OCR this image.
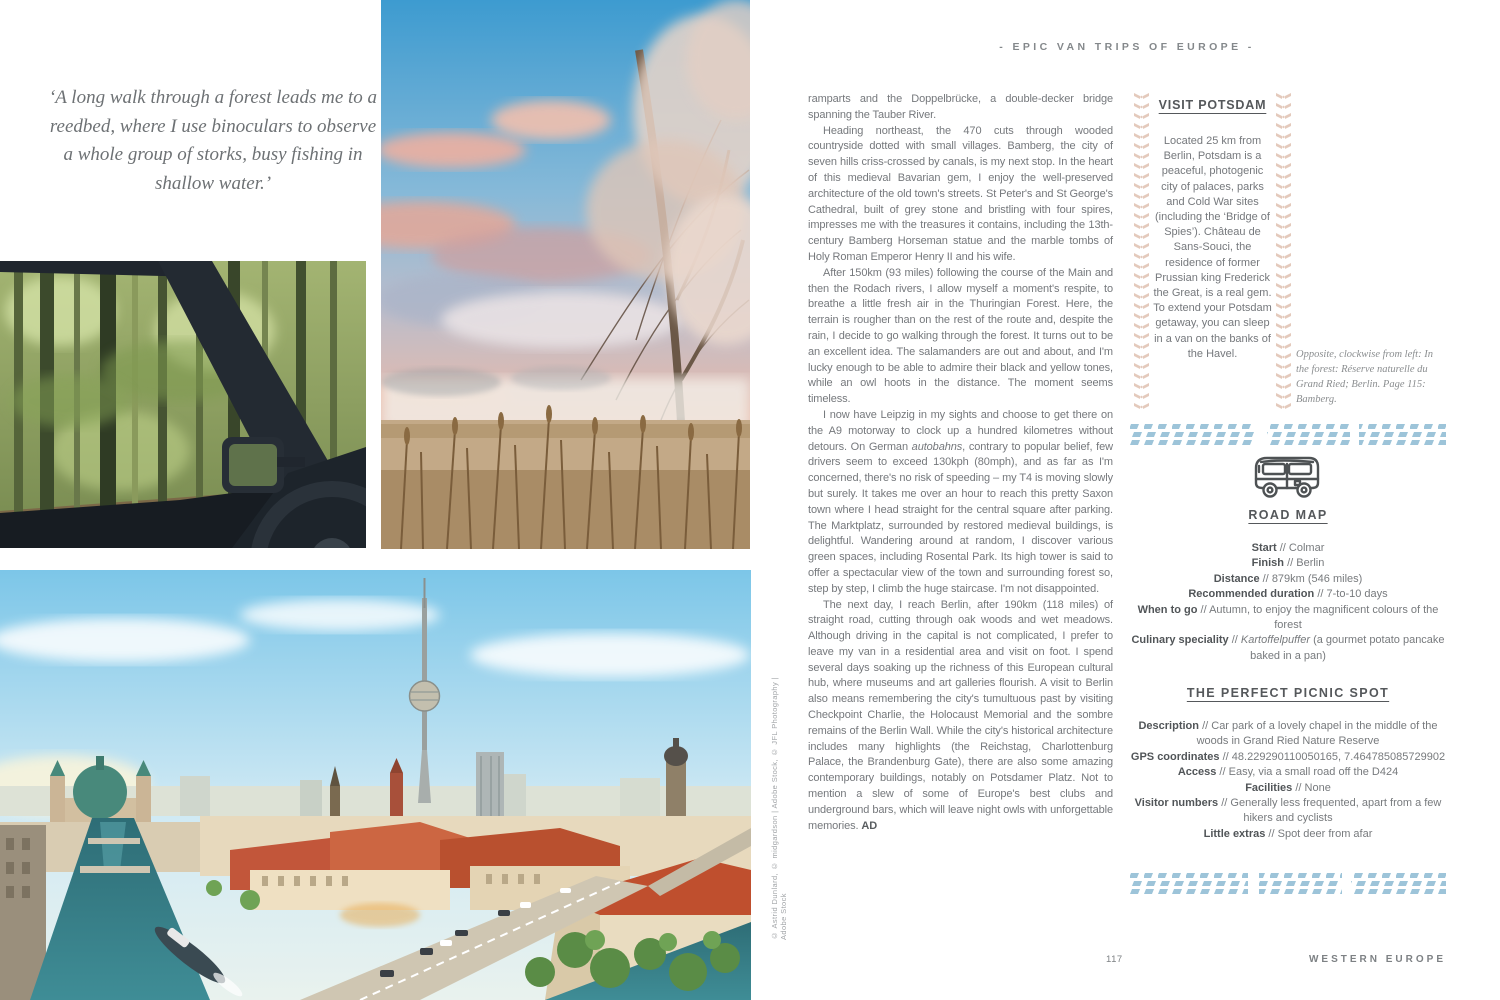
‘A long walk through a forest leads me to a reedbed, where I use binoculars to observe a whole group of storks, busy fishing in shallow water.’
- EPIC VAN TRIPS OF EUROPE -
© Astrid Dunlard, © midgardson | Adobe Stock, © JFL Photography | Adobe Stock

ramparts and the Doppelbrücke, a double-decker bridge spanning the Tauber River.

Heading northeast, the 470 cuts through wooded countryside dotted with small villages. Bamberg, the city of seven hills criss-crossed by canals, is my next stop. In the heart of this medieval Bavarian gem, I enjoy the well-preserved architecture of the old town's streets. St Peter's and St George's Cathedral, built of grey stone and bristling with four spires, impresses me with the treasures it contains, including the 13th-century Bamberg Horseman statue and the marble tombs of Holy Roman Emperor Henry II and his wife.

After 150km (93 miles) following the course of the Main and then the Rodach rivers, I allow myself a moment's respite, to breathe a little fresh air in the Thuringian Forest. Here, the terrain is rougher than on the rest of the route and, despite the rain, I decide to go walking through the forest. It turns out to be an excellent idea. The salamanders are out and about, and I'm lucky enough to be able to admire their black and yellow tones, while an owl hoots in the distance. The moment seems timeless.

I now have Leipzig in my sights and choose to get there on the A9 motorway to clock up a hundred kilometres without detours. On German autobahns, contrary to popular belief, few drivers seem to exceed 130kph (80mph), and as far as I'm concerned, there's no risk of speeding – my T4 is moving slowly but surely. It takes me over an hour to reach this pretty Saxon town where I head straight for the central square after parking. The Marktplatz, surrounded by restored medieval buildings, is delightful. Wandering around at random, I discover various green spaces, including Rosental Park. Its high tower is said to offer a spectacular view of the town and surrounding forest so, step by step, I climb the huge staircase. I'm not disappointed.

The next day, I reach Berlin, after 190km (118 miles) of straight road, cutting through oak woods and wet meadows. Although driving in the capital is not complicated, I prefer to leave my van in a residential area and visit on foot. I spend several days soaking up the richness of this European cultural hub, where museums and art galleries flourish. A visit to Berlin also means remembering the city's tumultuous past by visiting Checkpoint Charlie, the Holocaust Memorial and the sombre remains of the Berlin Wall. While the city's historical architecture includes many highlights (the Reichstag, Charlottenburg Palace, the Brandenburg Gate), there are also some amazing contemporary buildings, notably on Potsdamer Platz. Not to mention a slew of some of Europe's best clubs and underground bars, which will leave night owls with unforgettable memories. AD

VISIT POTSDAM
Located 25 km from Berlin, Potsdam is a peaceful, photogenic city of palaces, parks and Cold War sites (including the ‘Bridge of Spies’). Château de Sans-Souci, the residence of former Prussian king Frederick the Great, is a real gem. To extend your Potsdam getaway, you can sleep in a van on the banks of the Havel.	Opposite, clockwise from left: In the forest: Réserve naturelle du Grand Ried; Berlin. Page 115: Bamberg.
ROAD MAP
Start // Colmar
Finish // Berlin
Distance // 879km (546 miles)
Recommended duration // 7-to-10 days
When to go // Autumn, to enjoy the magnificent colours of the forest
Culinary speciality // Kartoffelpuffer (a gourmet potato pancake baked in a pan)
THE PERFECT PICNIC SPOT
Description // Car park of a lovely chapel in the middle of the woods in Grand Ried Nature Reserve
GPS coordinates // 48.229290110050165, 7.464785085729902
Access // Easy, via a small road off the D424
Facilities // None
Visitor numbers // Generally less frequented, apart from a few hikers and cyclists
Little extras // Spot deer from afar
117	WESTERN EUROPE
